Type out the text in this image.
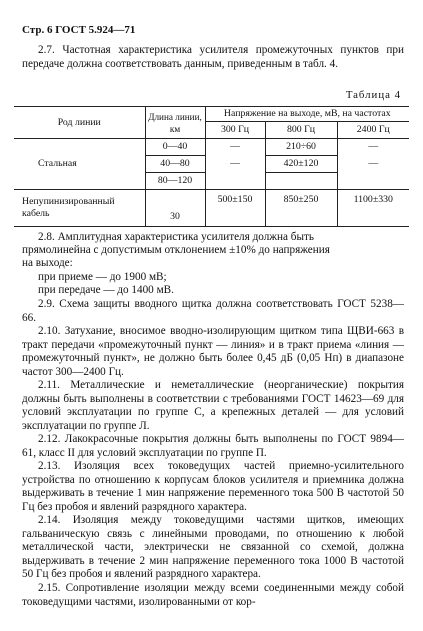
Стр. 6 ГОСТ 5.924—71

2.7. Частотная характеристика усилителя промежуточных пунктов при передаче должна соответствовать данным, приведенным в табл. 4.

Таблица 4
Род линии	Длина линии, км	Напряжение на выходе, мВ, на частотах		
		300 Гц	800 Гц	2400 Гц
Стальная	0—40	—	210÷60	—
	40—80	—	420±120	—
	80—120			
Непупинизированный
кабель	30	500±150	850±250	1100±330
2.8. Амплитудная характеристика усилителя должна быть
прямолинейна с допустимым отклонением ±10% до напряжения
на выходе:
при приеме — до 1900 мВ;
при передаче — до 1400 мВ.

2.9. Схема защиты вводного щитка должна соответствовать ГОСТ 5238—66.

2.10. Затухание, вносимое вводно-изолирующим щитком типа ЩВИ-663 в тракт передачи «промежуточный пункт — линия» и в тракт приема «линия — промежуточный пункт», не должно быть более 0,45 дБ (0,05 Нп) в диапазоне частот 300—2400 Гц.

2.11. Металлические и неметаллические (неорганические) покрытия должны быть выполнены в соответствии с требованиями ГОСТ 14623—69 для условий эксплуатации по группе С, а крепежных деталей — для условий эксплуатации по группе Л.

2.12. Лакокрасочные покрытия должны быть выполнены по ГОСТ 9894—61, класс II для условий эксплуатации по группе П.

2.13. Изоляция всех токоведущих частей приемно-усилительного устройства по отношению к корпусам блоков усилителя и приемника должна выдерживать в течение 1 мин напряжение переменного тока 500 В частотой 50 Гц без пробоя и явлений разрядного характера.

2.14. Изоляция между токоведущими частями щитков, имеющих гальваническую связь с линейными проводами, по отношению к любой металлической части, электрически не связанной со схемой, должна выдерживать в течение 2 мин напряжение переменного тока 1000 В частотой 50 Гц без пробоя и явлений разрядного характера.

2.15. Сопротивление изоляции между всеми соединенными между собой токоведущими частями, изолированными от кор-
